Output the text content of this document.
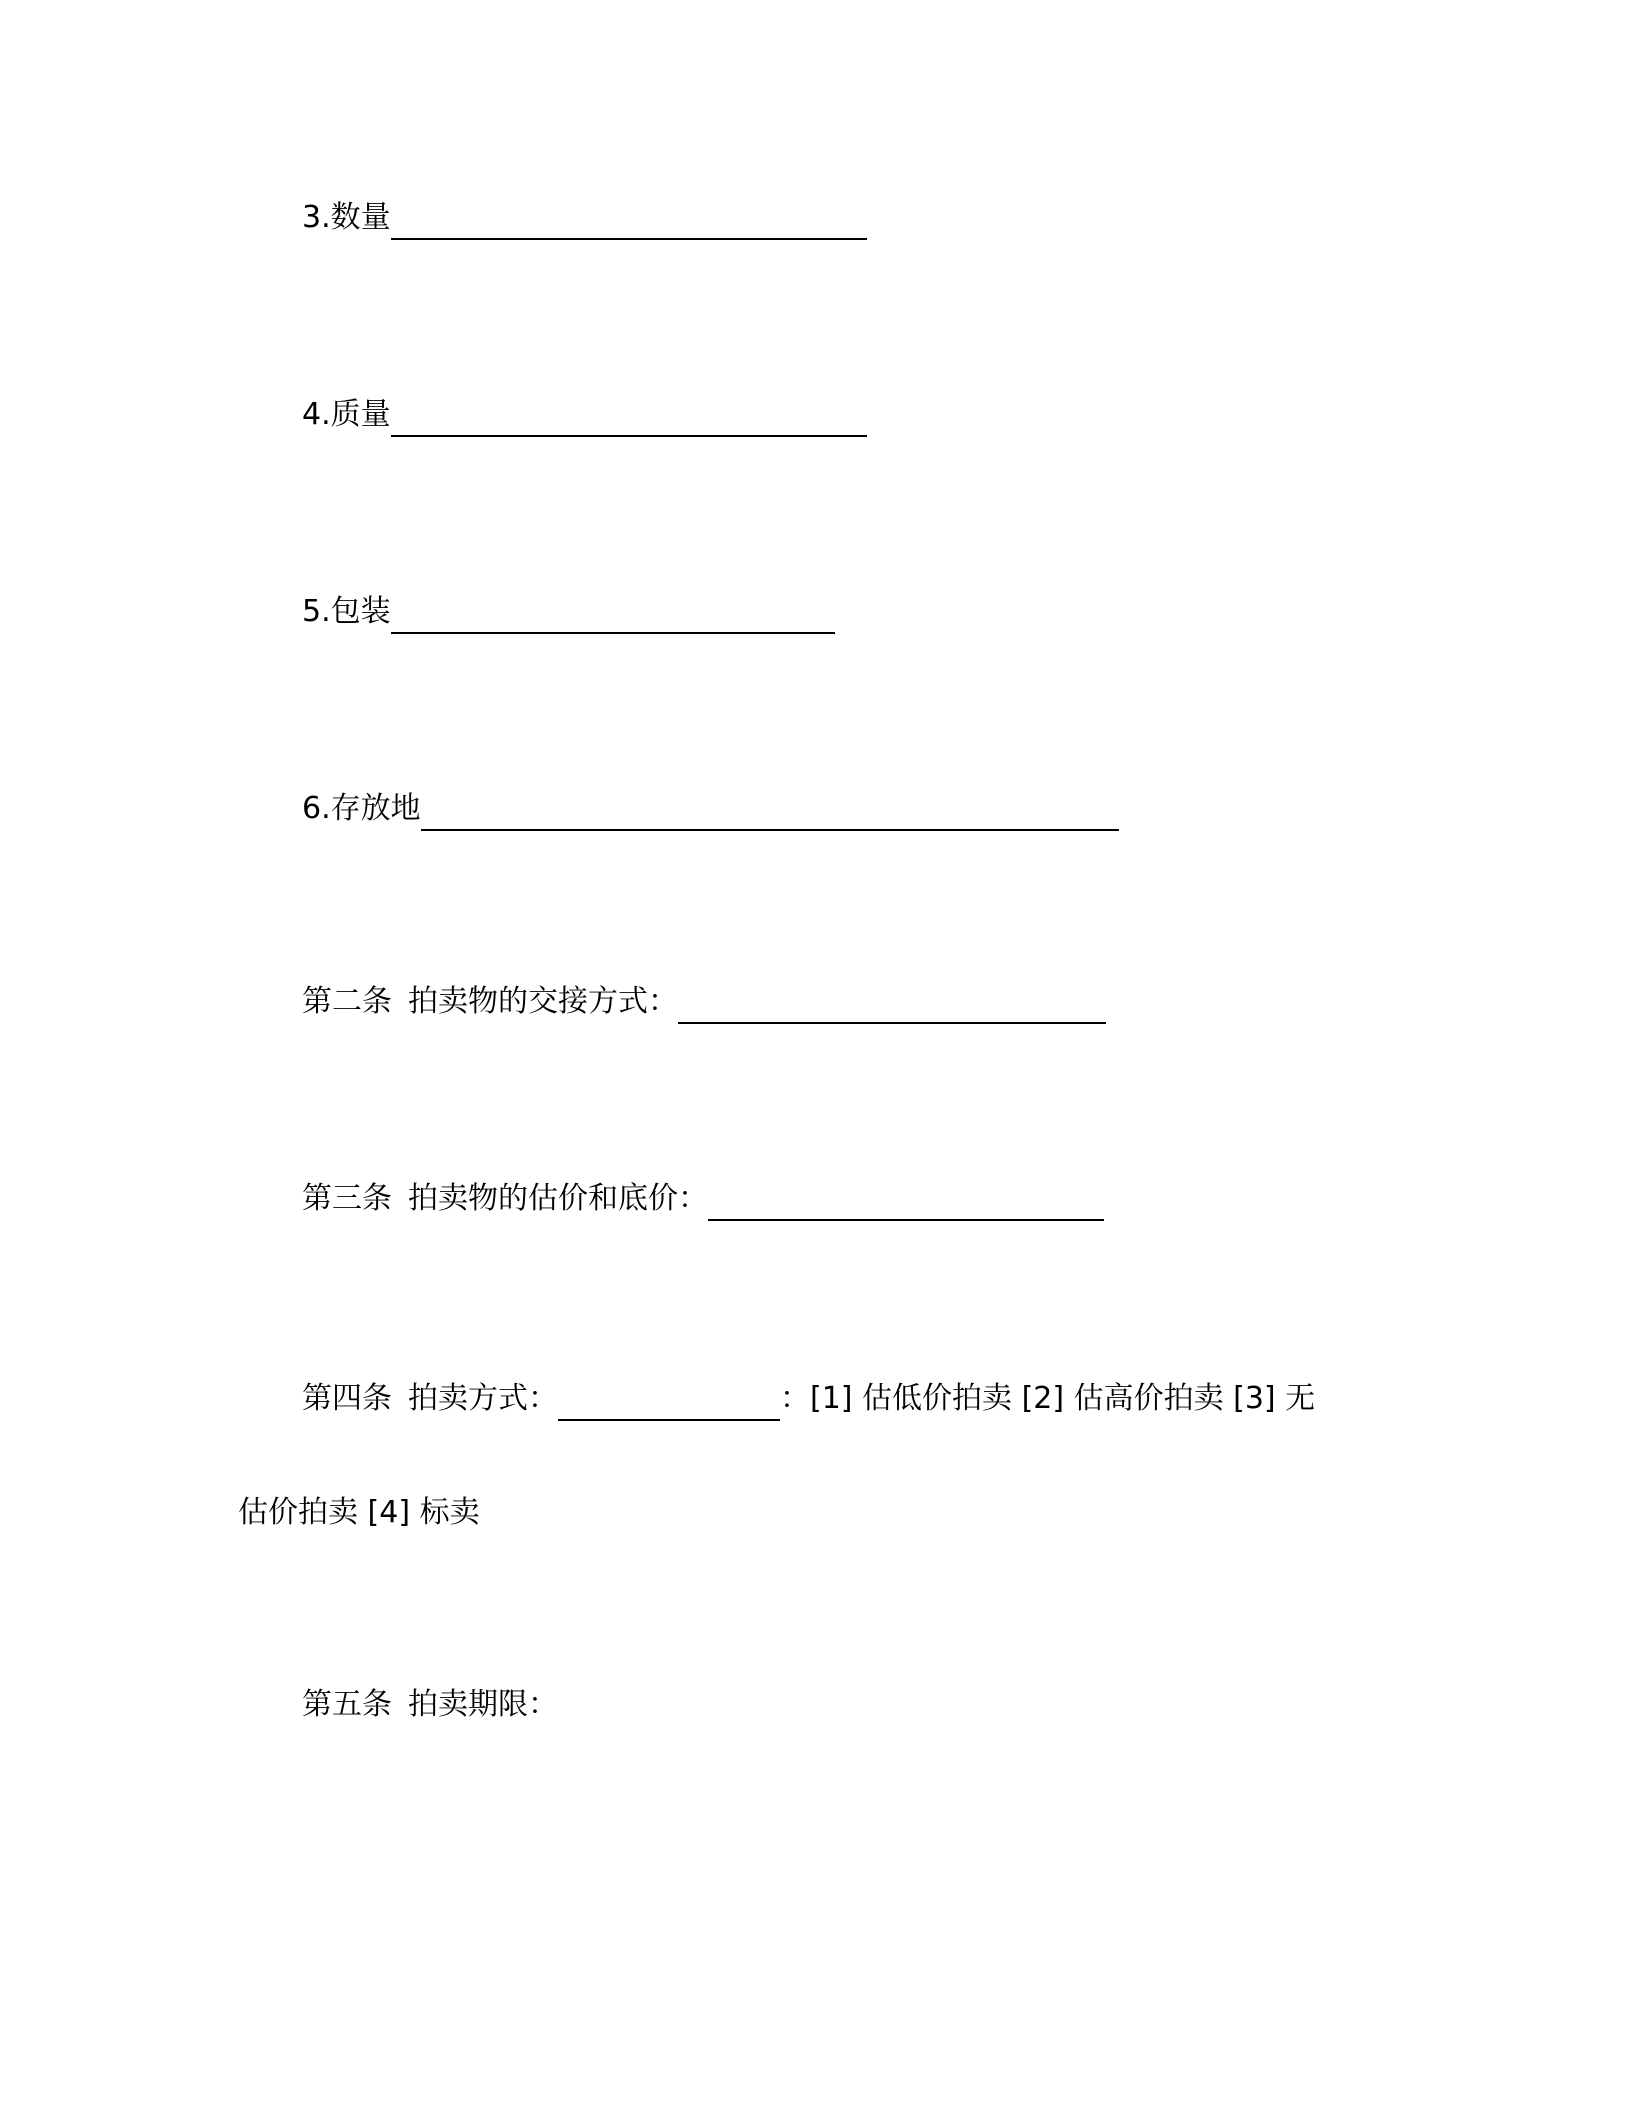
3.数量
4.质量
5.包装
6.存放地
第二条 拍卖物的交接方式：
第三条 拍卖物的估价和底价：
第四条 拍卖方式：	： [1] 估低价拍卖 [2] 估高价拍卖 [3] 无
估价拍卖 [4] 标卖
第五条 拍卖期限：
